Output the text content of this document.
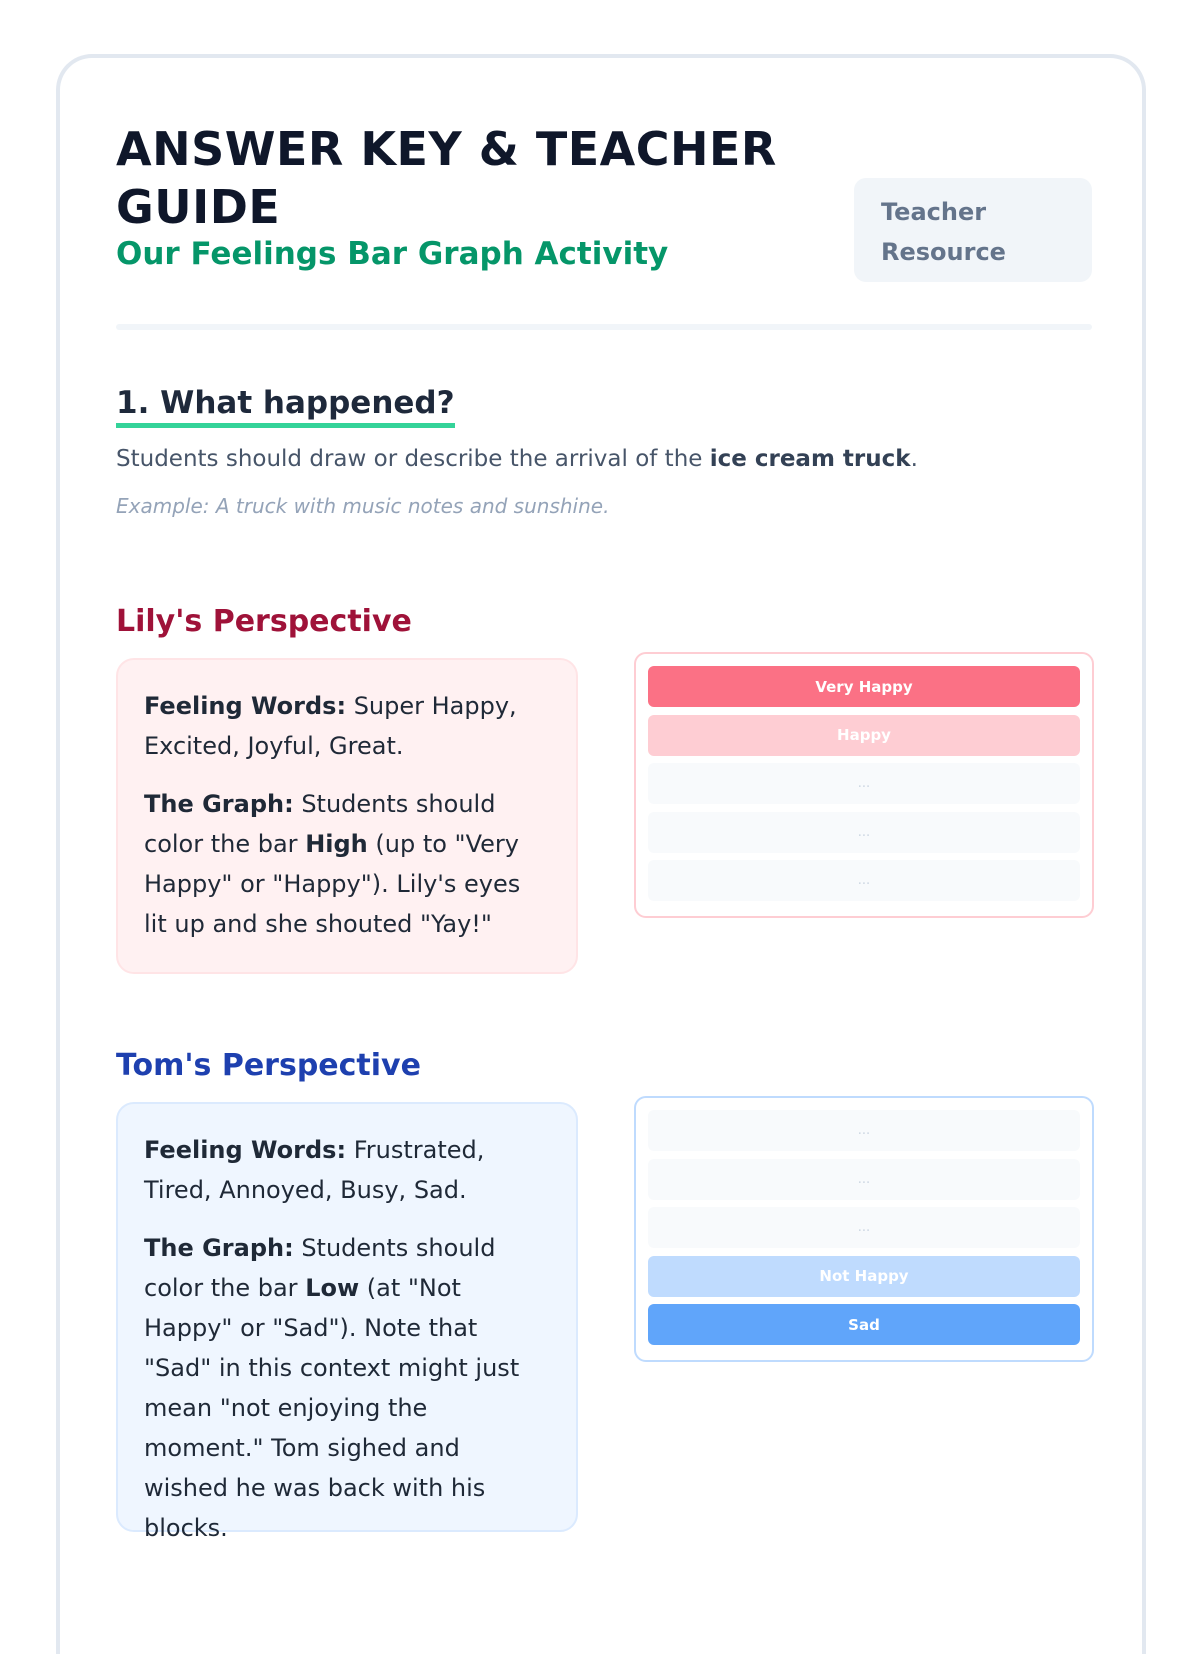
ANSWER KEY & TEACHER GUIDE
Our Feelings Bar Graph Activity
Teacher Resource
1. What happened?
Students should draw or describe the arrival of the ice cream truck.
Example: A truck with music notes and sunshine.
Lily's Perspective

Feeling Words: Super Happy, Excited, Joyful, Great.

The Graph: Students should color the bar High (up to "Very Happy" or "Happy"). Lily's eyes lit up and she shouted "Yay!"

Very Happy
Happy
...
...
...
Tom's Perspective

Feeling Words: Frustrated, Tired, Annoyed, Busy, Sad.

The Graph: Students should color the bar Low (at "Not Happy" or "Sad"). Note that "Sad" in this context might just mean "not enjoying the moment." Tom sighed and wished he was back with his blocks.

...
...
...
Not Happy
Sad
